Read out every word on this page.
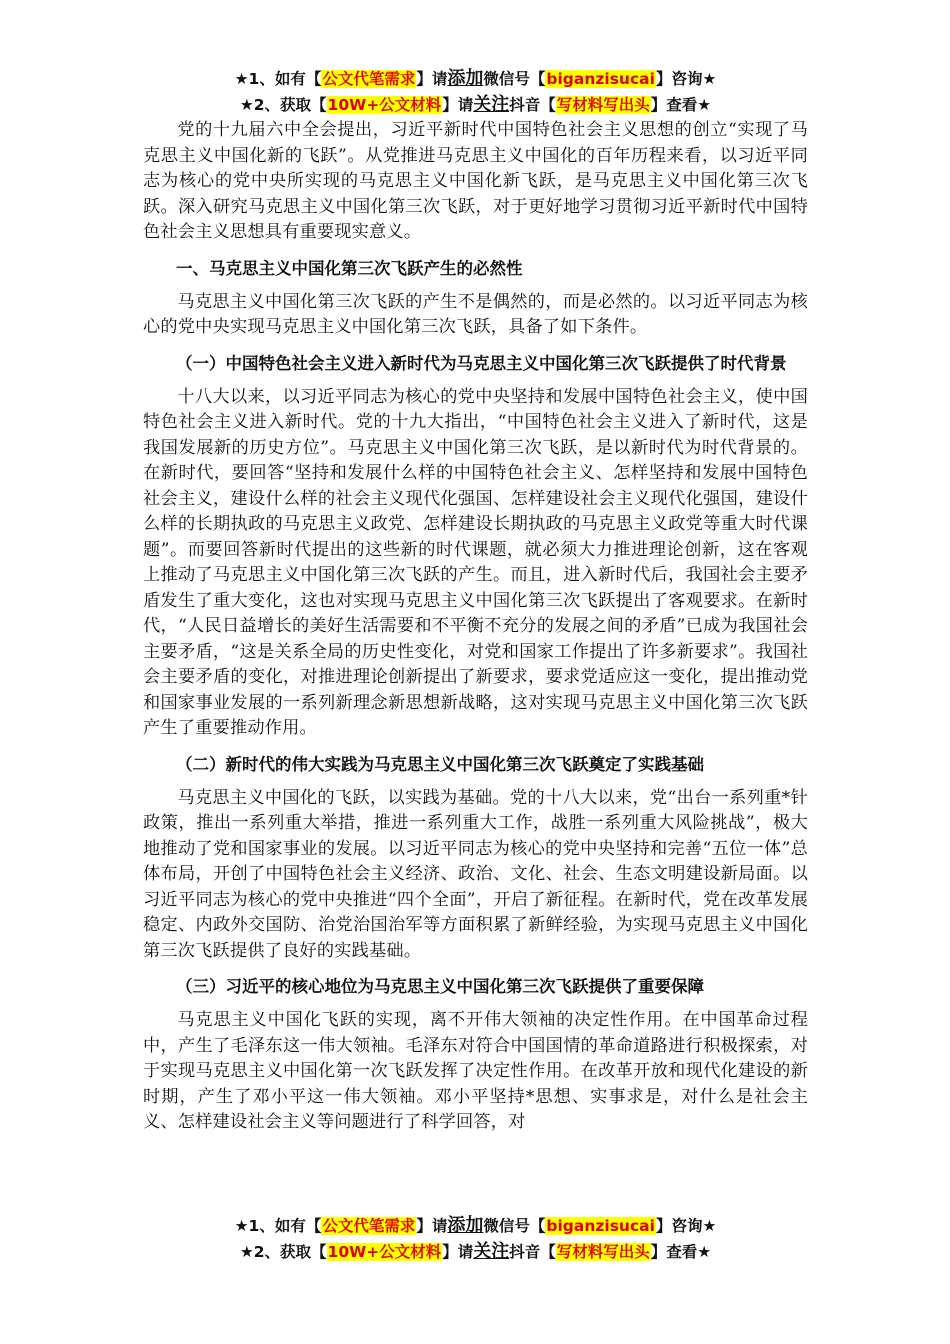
★1、如有【公文代笔需求】请添加微信号【biganzisucai】咨询★
★2、获取【10W+公文材料】请关注抖音【写材料写出头】查看★

党的十九届六中全会提出，习近平新时代中国特色社会主义思想的创立“实现了马克思主义中国化新的飞跃”。从党推进马克思主义中国化的百年历程来看，以习近平同志为核心的党中央所实现的马克思主义中国化新飞跃，是马克思主义中国化第三次飞跃。深入研究马克思主义中国化第三次飞跃，对于更好地学习贯彻习近平新时代中国特色社会主义思想具有重要现实意义。

一、马克思主义中国化第三次飞跃产生的必然性

马克思主义中国化第三次飞跃的产生不是偶然的，而是必然的。以习近平同志为核心的党中央实现马克思主义中国化第三次飞跃，具备了如下条件。

（一）中国特色社会主义进入新时代为马克思主义中国化第三次飞跃提供了时代背景

十八大以来，以习近平同志为核心的党中央坚持和发展中国特色社会主义，使中国特色社会主义进入新时代。党的十九大指出，“中国特色社会主义进入了新时代，这是我国发展新的历史方位”。马克思主义中国化第三次飞跃，是以新时代为时代背景的。在新时代，要回答“坚持和发展什么样的中国特色社会主义、怎样坚持和发展中国特色社会主义，建设什么样的社会主义现代化强国、怎样建设社会主义现代化强国，建设什么样的长期执政的马克思主义政党、怎样建设长期执政的马克思主义政党等重大时代课题”。而要回答新时代提出的这些新的时代课题，就必须大力推进理论创新，这在客观上推动了马克思主义中国化第三次飞跃的产生。而且，进入新时代后，我国社会主要矛盾发生了重大变化，这也对实现马克思主义中国化第三次飞跃提出了客观要求。在新时代，“人民日益增长的美好生活需要和不平衡不充分的发展之间的矛盾”已成为我国社会主要矛盾，“这是关系全局的历史性变化，对党和国家工作提出了许多新要求”。我国社会主要矛盾的变化，对推进理论创新提出了新要求，要求党适应这一变化，提出推动党和国家事业发展的一系列新理念新思想新战略，这对实现马克思主义中国化第三次飞跃产生了重要推动作用。

（二）新时代的伟大实践为马克思主义中国化第三次飞跃奠定了实践基础

马克思主义中国化的飞跃，以实践为基础。党的十八大以来，党“出台一系列重*针政策，推出一系列重大举措，推进一系列重大工作，战胜一系列重大风险挑战”，极大地推动了党和国家事业的发展。以习近平同志为核心的党中央坚持和完善“五位一体”总体布局，开创了中国特色社会主义经济、政治、文化、社会、生态文明建设新局面。以习近平同志为核心的党中央推进“四个全面”，开启了新征程。在新时代，党在改革发展稳定、内政外交国防、治党治国治军等方面积累了新鲜经验，为实现马克思主义中国化第三次飞跃提供了良好的实践基础。

（三）习近平的核心地位为马克思主义中国化第三次飞跃提供了重要保障

马克思主义中国化飞跃的实现，离不开伟大领袖的决定性作用。在中国革命过程中，产生了毛泽东这一伟大领袖。毛泽东对符合中国国情的革命道路进行积极探索，对于实现马克思主义中国化第一次飞跃发挥了决定性作用。在改革开放和现代化建设的新时期，产生了邓小平这一伟大领袖。邓小平坚持*思想、实事求是，对什么是社会主义、怎样建设社会主义等问题进行了科学回答，对

★1、如有【公文代笔需求】请添加微信号【biganzisucai】咨询★
★2、获取【10W+公文材料】请关注抖音【写材料写出头】查看★
